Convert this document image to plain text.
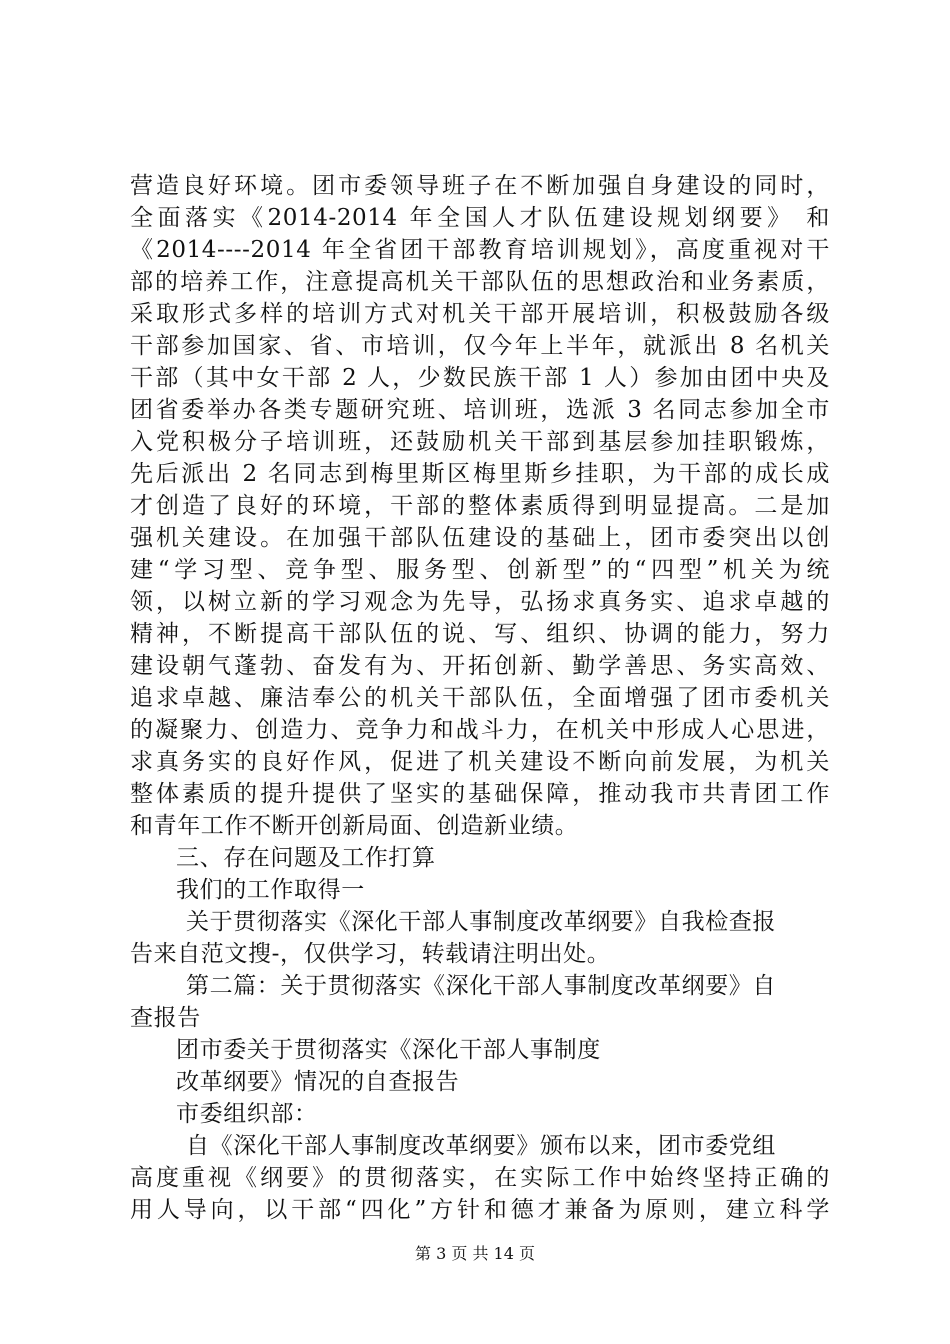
营造良好环境。团市委领导班子在不断加强自身建设的同时，
全面落实《2014-2014 年全国人才队伍建设规划纲要》 和
《2014----2014 年全省团干部教育培训规划》，高度重视对干
部的培养工作，注意提高机关干部队伍的思想政治和业务素质，
采取形式多样的培训方式对机关干部开展培训，积极鼓励各级
干部参加国家、省、市培训，仅今年上半年，就派出 8 名机关
干部（其中女干部 2 人，少数民族干部 1 人）参加由团中央及
团省委举办各类专题研究班、培训班，选派 3 名同志参加全市
入党积极分子培训班，还鼓励机关干部到基层参加挂职锻炼，
先后派出 2 名同志到梅里斯区梅里斯乡挂职，为干部的成长成
才创造了良好的环境，干部的整体素质得到明显提高。二是加
强机关建设。在加强干部队伍建设的基础上，团市委突出以创
建“学习型、竞争型、服务型、创新型”的“四型”机关为统
领，以树立新的学习观念为先导，弘扬求真务实、追求卓越的
精神，不断提高干部队伍的说、写、组织、协调的能力，努力
建设朝气蓬勃、奋发有为、开拓创新、勤学善思、务实高效、
追求卓越、廉洁奉公的机关干部队伍，全面增强了团市委机关
的凝聚力、创造力、竞争力和战斗力，在机关中形成人心思进，
求真务实的良好作风，促进了机关建设不断向前发展，为机关
整体素质的提升提供了坚实的基础保障，推动我市共青团工作
和青年工作不断开创新局面、创造新业绩。
三、存在问题及工作打算
我们的工作取得一
关于贯彻落实《深化干部人事制度改革纲要》自我检查报
告来自范文搜-，仅供学习，转载请注明出处。
第二篇：关于贯彻落实《深化干部人事制度改革纲要》自
查报告
团市委关于贯彻落实《深化干部人事制度
改革纲要》情况的自查报告
市委组织部：
自《深化干部人事制度改革纲要》颁布以来，团市委党组
高度重视《纲要》的贯彻落实，在实际工作中始终坚持正确的
用人导向，以干部“四化”方针和德才兼备为原则，建立科学
第 3 页 共 14 页
